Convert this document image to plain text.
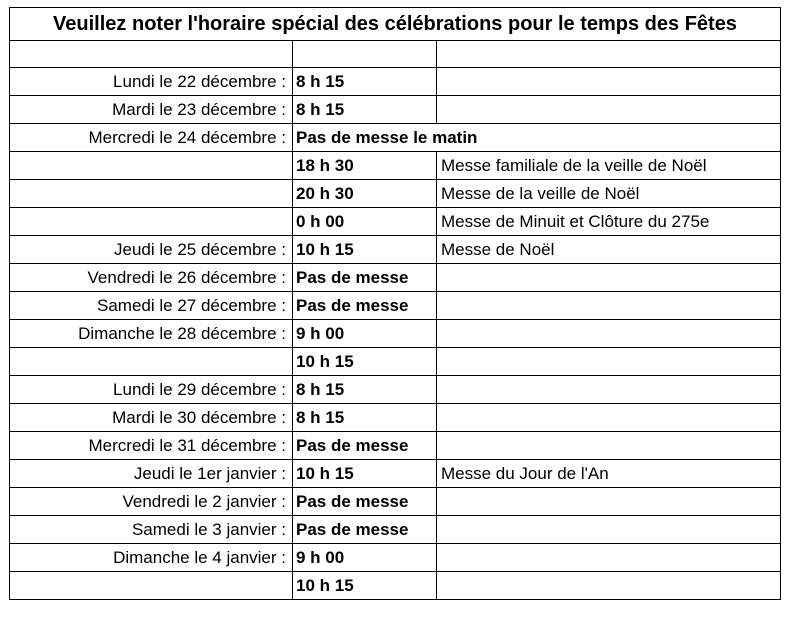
Veuillez noter l'horaire spécial des célébrations pour le temps des Fêtes		

Lundi le 22 décembre :	8 h 15	
Mardi le 23 décembre :	8 h 15	
Mercredi le 24 décembre :	Pas de messe le matin	
	18 h 30	Messe familiale de la veille de Noël
	20 h 30	Messe de la veille de Noël
	0 h 00	Messe de Minuit et Clôture du 275e
Jeudi le 25 décembre :	10 h 15	Messe de Noël
Vendredi le 26 décembre :	Pas de messe	
Samedi le 27 décembre :	Pas de messe	
Dimanche le 28 décembre :	9 h 00	
	10 h 15	
Lundi le 29 décembre :	8 h 15	
Mardi le 30 décembre :	8 h 15	
Mercredi le 31 décembre :	Pas de messe	
Jeudi le 1er janvier :	10 h 15	Messe du Jour de l'An
Vendredi le 2 janvier :	Pas de messe	
Samedi le 3 janvier :	Pas de messe	
Dimanche le 4 janvier :	9 h 00	
	10 h 15	
